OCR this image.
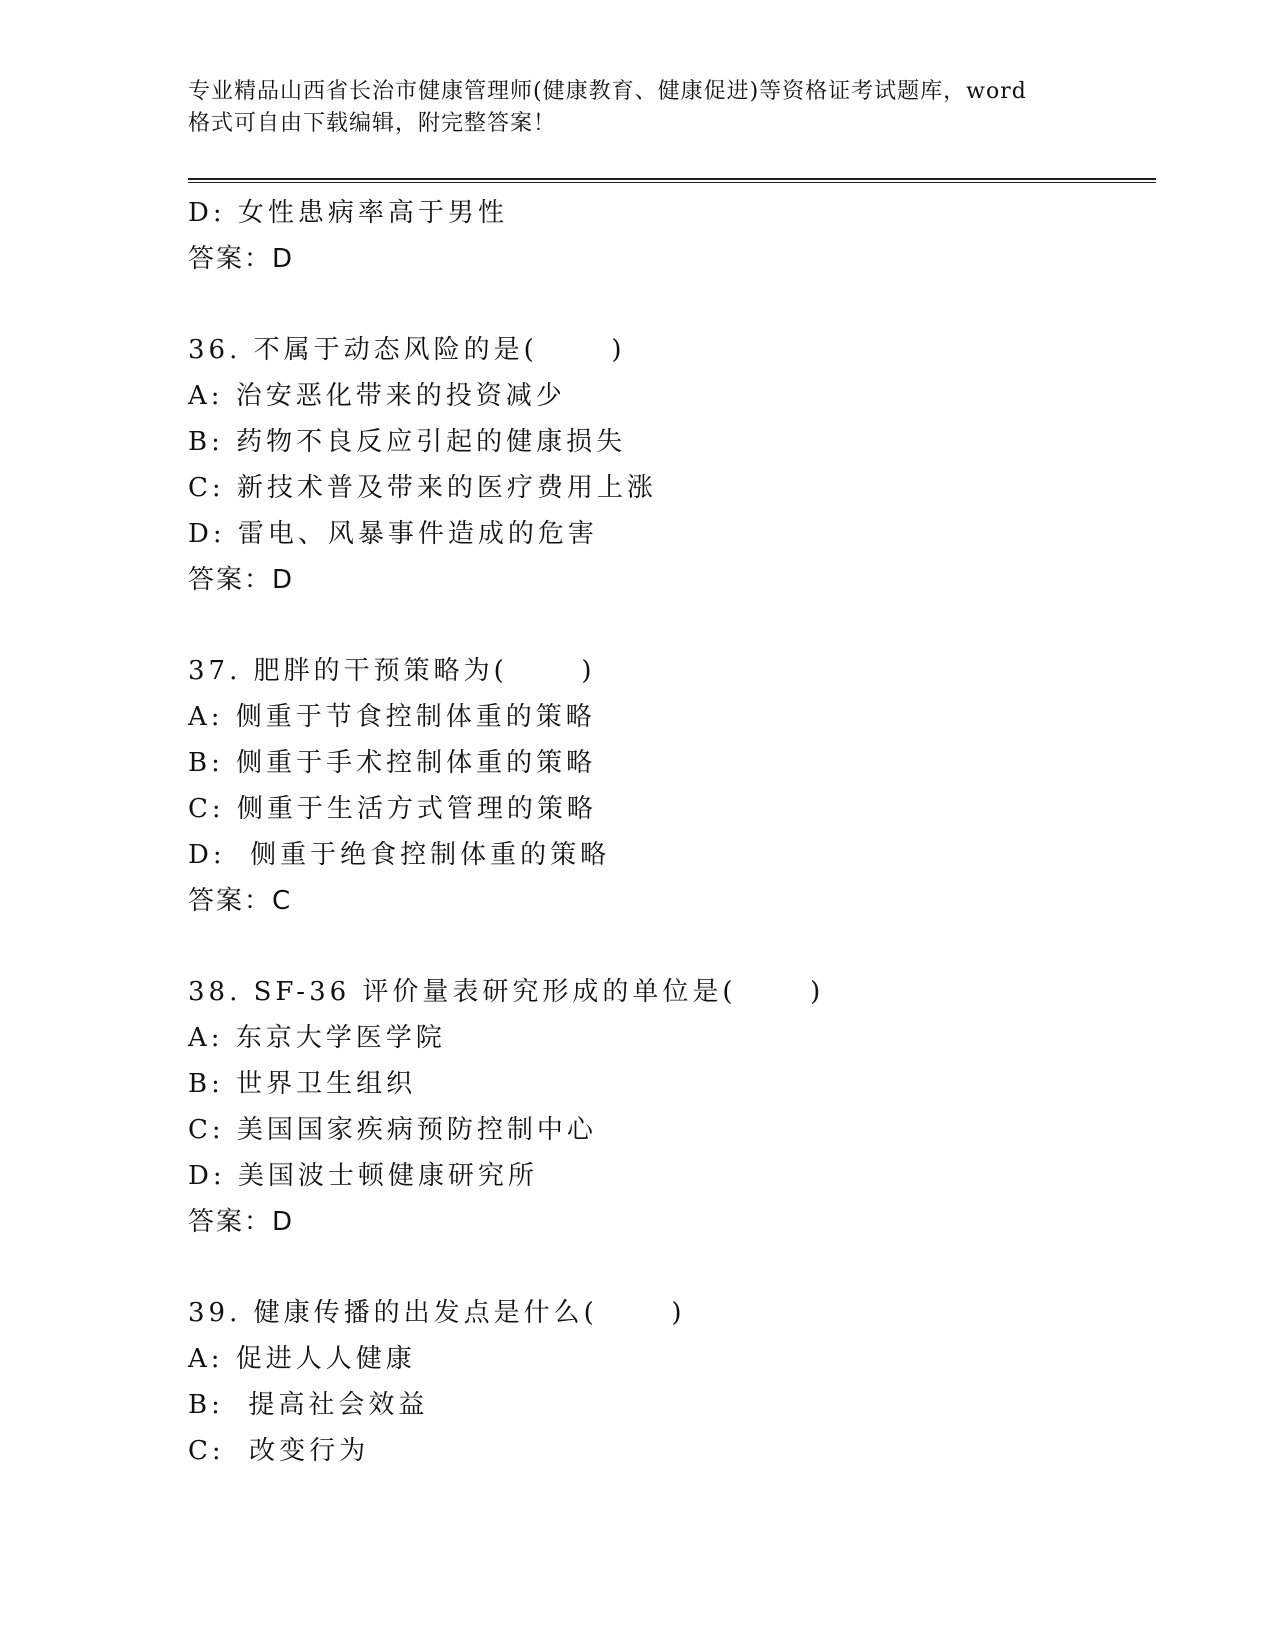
专业精品山西省长治市健康管理师(健康教育、健康促进)等资格证考试题库，word
格式可自由下载编辑，附完整答案！
D: 女性患病率高于男性
答案：D
36. 不属于动态风险的是(      )
A: 治安恶化带来的投资减少
B: 药物不良反应引起的健康损失
C: 新技术普及带来的医疗费用上涨
D: 雷电、风暴事件造成的危害
答案：D
37. 肥胖的干预策略为(      )
A: 侧重于节食控制体重的策略
B: 侧重于手术控制体重的策略
C: 侧重于生活方式管理的策略
D:  侧重于绝食控制体重的策略
答案：C
38. SF-36 评价量表研究形成的单位是(      )
A: 东京大学医学院
B: 世界卫生组织
C: 美国国家疾病预防控制中心
D: 美国波士顿健康研究所
答案：D
39. 健康传播的出发点是什么(      )
A: 促进人人健康
B:  提高社会效益
C:  改变行为
